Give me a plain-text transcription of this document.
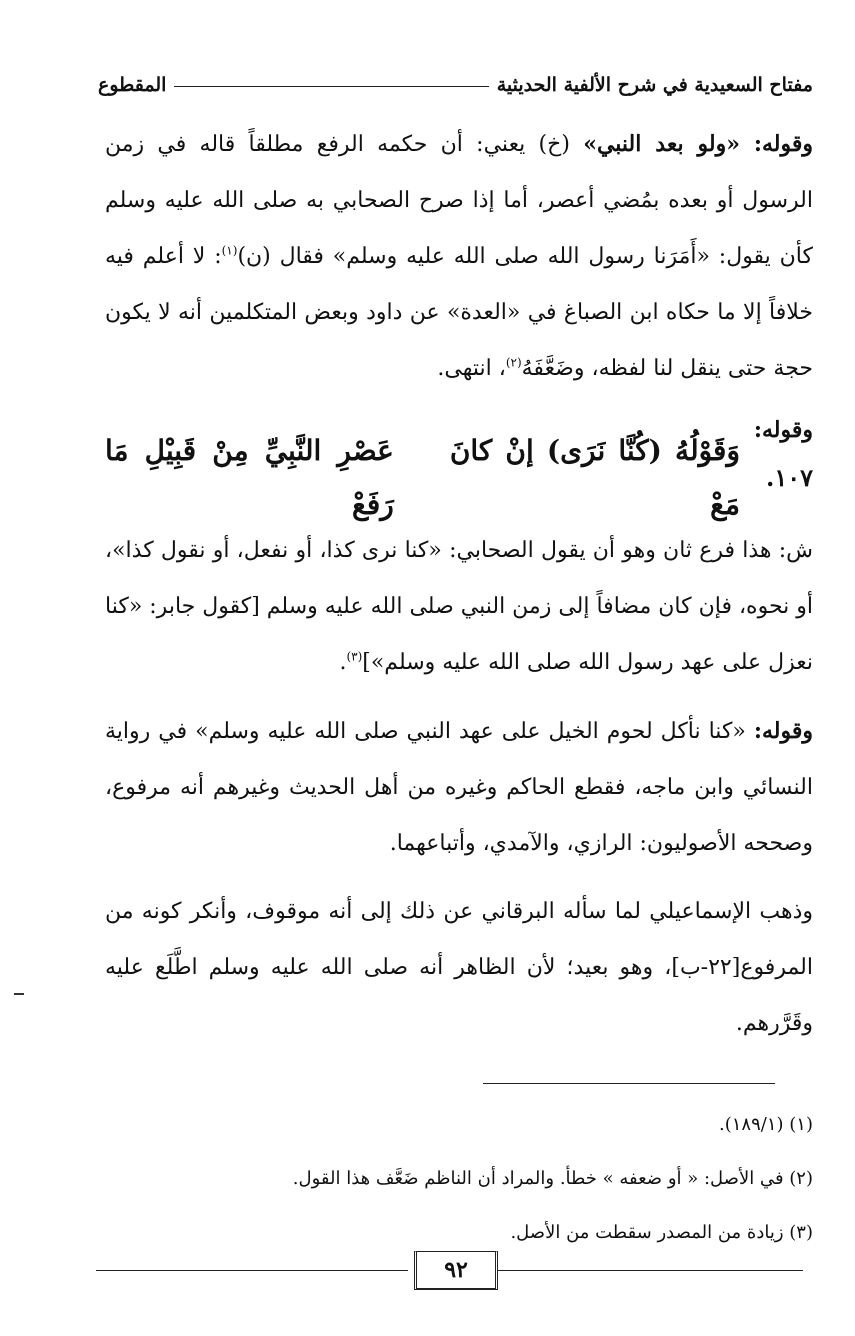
مفتاح السعيدية في شرح الألفية الحديثية
المقطوع

وقوله: «ولو بعد النبي» (خ) يعني: أن حكمه الرفع مطلقاً قاله في زمن الرسول أو بعده بمُضي أعصر، أما إذا صرح الصحابي به صلى الله عليه وسلم كأن يقول: «أَمَرَنا رسول الله صلى الله عليه وسلم» فقال (ن)$^{(١)}$: لا أعلم فيه خلافاً إلا ما حكاه ابن الصباغ في «العدة» عن داود وبعض المتكلمين أنه لا يكون حجة حتى ينقل لنا لفظه، وضَعَّفَهُ$^{(٢)}$، انتهى.

وقوله:

١٠٧.
وَقَوْلُهُ (كُنَّا نَرَى) إنْ كانَ مَعْ
عَصْرِ النَّبِيِّ مِنْ قَبِيْلِ مَا رَفَعْ

ش: هذا فرع ثان وهو أن يقول الصحابي: «كنا نرى كذا، أو نفعل، أو نقول كذا»، أو نحوه، فإن كان مضافاً إلى زمن النبي صلى الله عليه وسلم [كقول جابر: «كنا نعزل على عهد رسول الله صلى الله عليه وسلم»]$^{(٣)}$.

وقوله: «كنا نأكل لحوم الخيل على عهد النبي صلى الله عليه وسلم» في رواية النسائي وابن ماجه، فقطع الحاكم وغيره من أهل الحديث وغيرهم أنه مرفوع، وصححه الأصوليون: الرازي، والآمدي، وأتباعهما.

وذهب الإسماعيلي لما سأله البرقاني عن ذلك إلى أنه موقوف، وأنكر كونه من المرفوع[٢٢-ب]، وهو بعيد؛ لأن الظاهر أنه صلى الله عليه وسلم اطَّلَع عليه وقَرَّرهم.

(١) (١٨٩/١).

(٢) في الأصل: « أو ضعفه » خطأ. والمراد أن الناظم ضَعَّف هذا القول.

(٣) زيادة من المصدر سقطت من الأصل.

٩٢
